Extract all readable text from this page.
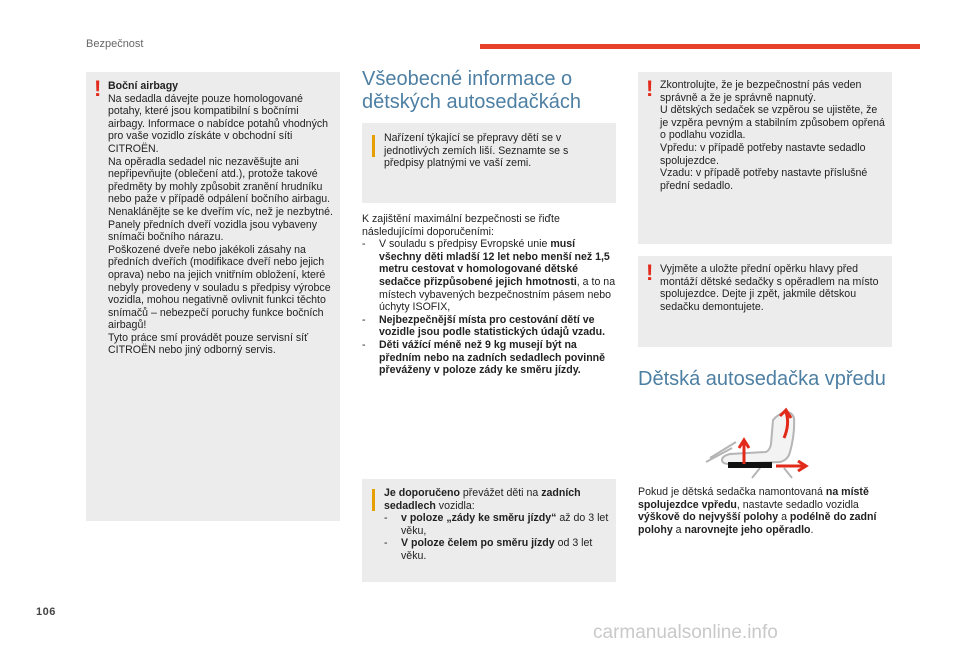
Bezpečnost
! Boční airbagy

Na sedadla dávejte pouze homologované potahy, které jsou kompatibilní s bočními airbagy. Informace o nabídce potahů vhodných pro vaše vozidlo získáte v obchodní síti CITROËN.
Na opěradla sedadel nic nezavěšujte ani nepřipevňujte (oblečení atd.), protože takové předměty by mohly způsobit zranění hrudníku nebo paže v případě odpálení bočního airbagu.
Nenaklánějte se ke dveřím víc, než je nezbytné.
Panely předních dveří vozidla jsou vybaveny snímači bočního nárazu.
Poškozené dveře nebo jakékoli zásahy na předních dveřích (modifikace dveří nebo jejich oprava) nebo na jejich vnitřním obložení, které nebyly provedeny v souladu s předpisy výrobce vozidla, mohou negativně ovlivnit funkci těchto snímačů – nebezpečí poruchy funkce bočních airbagů!
Tyto práce smí provádět pouze servisní síť CITROËN nebo jiný odborný servis.

Všeobecné informace o dětských autosedačkách
Nařízení týkající se přepravy dětí se v jednotlivých zemích liší. Seznamte se s předpisy platnými ve vaší zemi.

K zajištění maximální bezpečnosti se řiďte následujícími doporučeními:

- V souladu s předpisy Evropské unie musí všechny děti mladší 12 let nebo menší než 1,5 metru cestovat v homologované dětské sedačce přizpůsobené jejich hmotnosti, a to na místech vybavených bezpečnostním pásem nebo úchyty ISOFIX,
- Nejbezpečnější místa pro cestování dětí ve vozidle jsou podle statistických údajů vzadu.
- Děti vážící méně než 9 kg musejí být na předním nebo na zadních sedadlech povinně převáženy v poloze zády ke směru jízdy.

Je doporučeno převážet děti na zadních sedadlech vozidla:

- v poloze „zády ke směru jízdy“ až do 3 let věku,
- V poloze čelem po směru jízdy od 3 let věku.
! Zkontrolujte, že je bezpečnostní pás veden správně a že je správně napnutý.
U dětských sedaček se vzpěrou se ujistěte, že je vzpěra pevným a stabilním způsobem opřená o podlahu vozidla.
Vpředu: v případě potřeby nastavte sedadlo spolujezdce.
Vzadu: v případě potřeby nastavte příslušné přední sedadlo.
! Vyjměte a uložte přední opěrku hlavy před montáží dětské sedačky s opěradlem na místo spolujezdce. Dejte ji zpět, jakmile dětskou sedačku demontujete.
Dětská autosedačka vpředu
Pokud je dětská sedačka namontovaná na místě spolujezdce vpředu, nastavte sedadlo vozidla výškově do nejvyšší polohy a podélně do zadní polohy a narovnejte jeho opěradlo.
106
carmanualsonline.info
